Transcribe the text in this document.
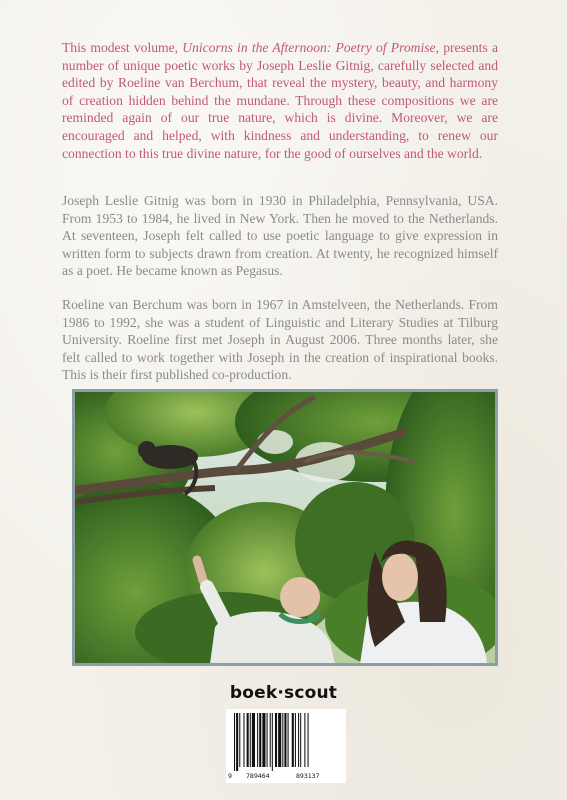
This modest volume, Unicorns in the Afternoon: Poetry of Promise, presents a number of unique poetic works by Joseph Leslie Gitnig, carefully selected and edited by Roeline van Berchum, that reveal the mystery, beauty, and harmony of creation hidden behind the mundane. Through these compositions we are reminded again of our true nature, which is divine. Moreover, we are encouraged and helped, with kindness and understanding, to renew our connection to this true divine nature, for the good of ourselves and the world.

Joseph Leslie Gitnig was born in 1930 in Philadelphia, Pennsylvania, USA. From 1953 to 1984, he lived in New York. Then he moved to the Netherlands. At seventeen, Joseph felt called to use poetic language to give expression in written form to subjects drawn from creation. At twenty, he recognized himself as a poet. He became known as Pegasus.

Roeline van Berchum was born in 1967 in Amstelveen, the Netherlands. From 1986 to 1992, she was a student of Linguistic and Literary Studies at Tilburg University. Roeline first met Joseph in August 2006. Three months later, she felt called to work together with Joseph in the creation of inspirational books. This is their first published co-production.

boek·scout
9 789464	893137
